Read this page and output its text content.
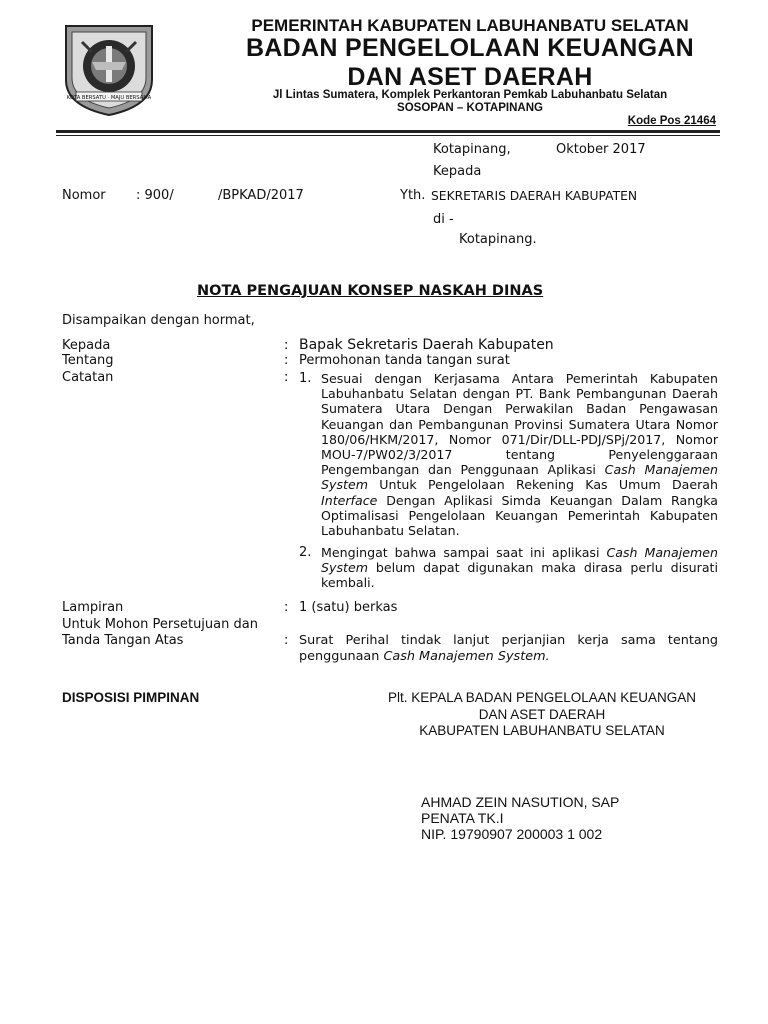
KOTA BERSATU · MAJU BERSAMA
PEMERINTAH KABUPATEN LABUHANBATU SELATAN
BADAN PENGELOLAAN KEUANGAN
DAN ASET DAERAH
Jl Lintas Sumatera, Komplek Perkantoran Pemkab Labuhanbatu Selatan
SOSOPAN – KOTAPINANG
Kode Pos 21464
Kotapinang,	Oktober 2017
Kepada
Nomor : 900/	/BPKAD/2017	Yth. SEKRETARIS DAERAH KABUPATEN
di -
Kotapinang.
NOTA PENGAJUAN KONSEP NASKAH DINAS
Disampaikan dengan hormat,
Kepada	: Bapak Sekretaris Daerah Kabupaten
Tentang	: Permohonan tanda tangan surat
Catatan	: 1. Sesuai dengan Kerjasama Antara Pemerintah Kabupaten Labuhanbatu Selatan dengan PT. Bank Pembangunan Daerah Sumatera Utara Dengan Perwakilan Badan Pengawasan Keuangan dan Pembangunan Provinsi Sumatera Utara Nomor 180/06/HKM/2017, Nomor 071/Dir/DLL-PDJ/SPj/2017, Nomor MOU-7/PW02/3/2017 tentang Penyelenggaraan Pengembangan dan Penggunaan Aplikasi Cash Manajemen System Untuk Pengelolaan Rekening Kas Umum Daerah Interface Dengan Aplikasi Simda Keuangan Dalam Rangka Optimalisasi Pengelolaan Keuangan Pemerintah Kabupaten Labuhanbatu Selatan.
2. Mengingat bahwa sampai saat ini aplikasi Cash Manajemen System belum dapat digunakan maka dirasa perlu disurati kembali.
Lampiran	: 1 (satu) berkas
Untuk Mohon Persetujuan dan
Tanda Tangan Atas	: Surat Perihal tindak lanjut perjanjian kerja sama tentang penggunaan Cash Manajemen System.
DISPOSISI PIMPINAN	Plt. KEPALA BADAN PENGELOLAAN KEUANGAN
DAN ASET DAERAH
KABUPATEN LABUHANBATU SELATAN
AHMAD ZEIN NASUTION, SAP
PENATA TK.I
NIP. 19790907 200003 1 002
